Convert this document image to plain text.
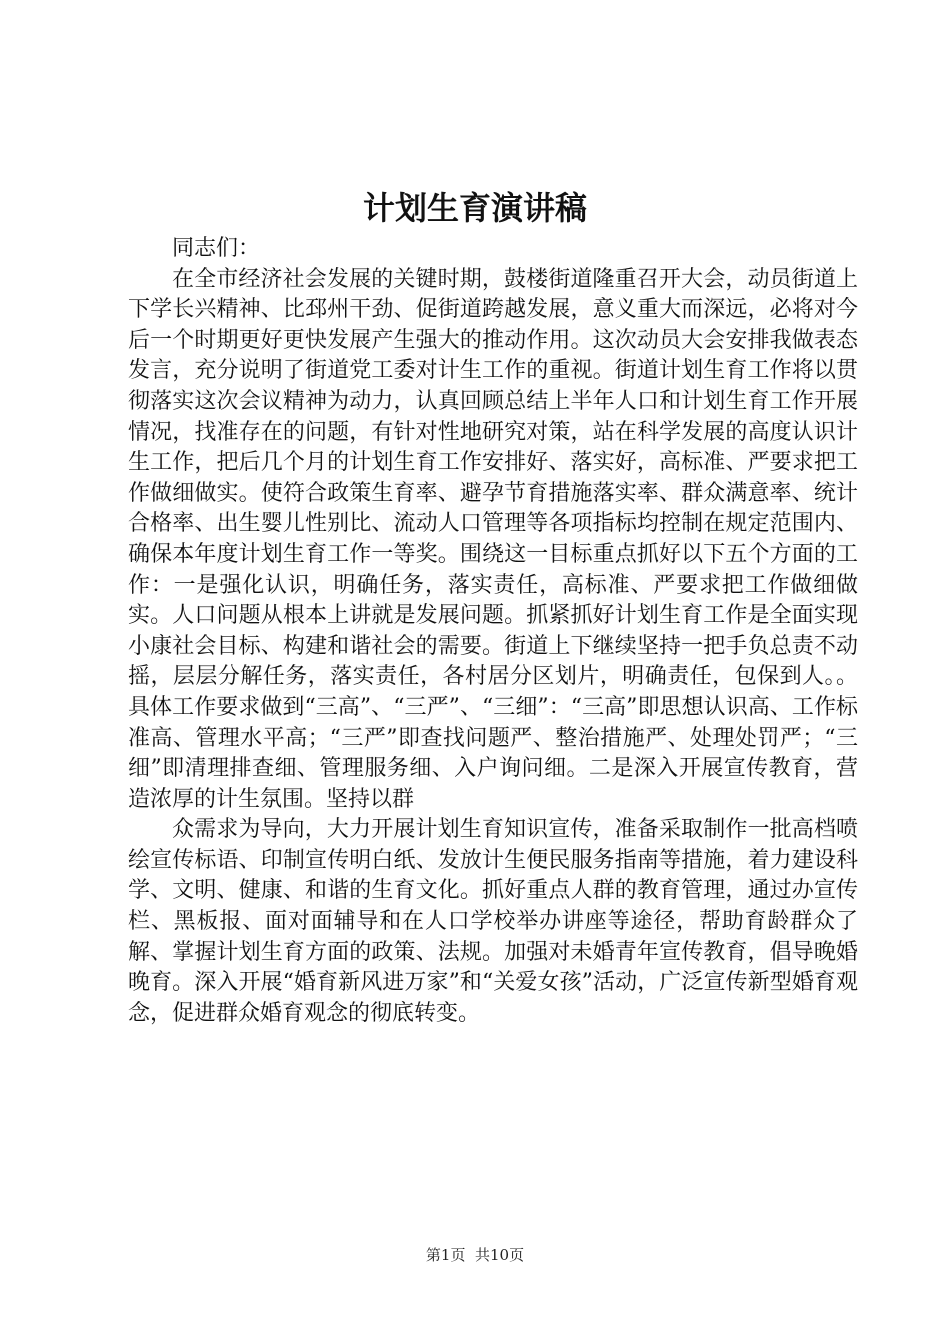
计划生育演讲稿

同志们：

在全市经济社会发展的关键时期，鼓楼街道隆重召开大会，动员街道上下学长兴精神、比邳州干劲、促街道跨越发展，意义重大而深远，必将对今后一个时期更好更快发展产生强大的推动作用。这次动员大会安排我做表态发言，充分说明了街道党工委对计生工作的重视。街道计划生育工作将以贯彻落实这次会议精神为动力，认真回顾总结上半年人口和计划生育工作开展情况，找准存在的问题，有针对性地研究对策，站在科学发展的高度认识计生工作，把后几个月的计划生育工作安排好、落实好，高标准、严要求把工作做细做实。使符合政策生育率、避孕节育措施落实率、群众满意率、统计合格率、出生婴儿性别比、流动人口管理等各项指标均控制在规定范围内、确保本年度计划生育工作一等奖。围绕这一目标重点抓好以下五个方面的工作：一是强化认识，明确任务，落实责任，高标准、严要求把工作做细做实。人口问题从根本上讲就是发展问题。抓紧抓好计划生育工作是全面实现小康社会目标、构建和谐社会的需要。街道上下继续坚持一把手负总责不动摇，层层分解任务，落实责任，各村居分区划片，明确责任，包保到人。。具体工作要求做到“三高”、“三严”、“三细”：“三高”即思想认识高、工作标准高、管理水平高；“三严”即查找问题严、整治措施严、处理处罚严；“三细”即清理排查细、管理服务细、入户询问细。二是深入开展宣传教育，营造浓厚的计生氛围。坚持以群

众需求为导向，大力开展计划生育知识宣传，准备采取制作一批高档喷绘宣传标语、印制宣传明白纸、发放计生便民服务指南等措施，着力建设科学、文明、健康、和谐的生育文化。抓好重点人群的教育管理，通过办宣传栏、黑板报、面对面辅导和在人口学校举办讲座等途径，帮助育龄群众了解、掌握计划生育方面的政策、法规。加强对未婚青年宣传教育，倡导晚婚晚育。深入开展“婚育新风进万家”和“关爱女孩”活动，广泛宣传新型婚育观念，促进群众婚育观念的彻底转变。

第1页  共10页
